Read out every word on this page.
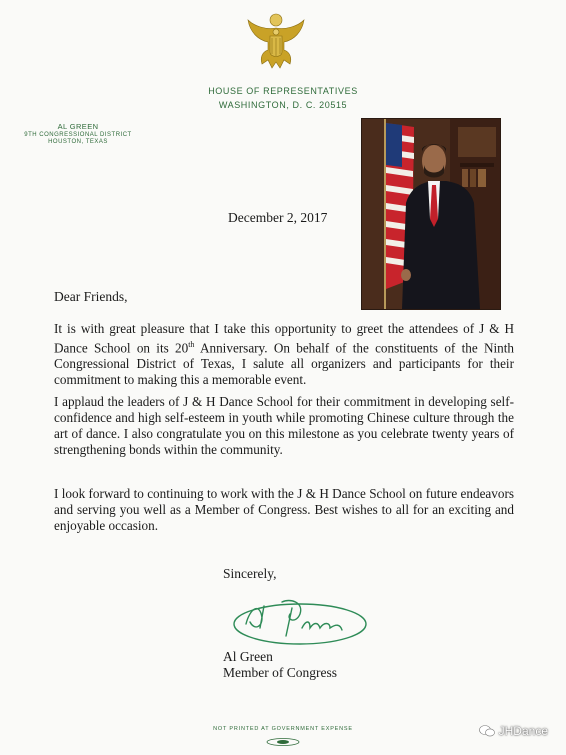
HOUSE OF REPRESENTATIVES
WASHINGTON, D. C. 20515
AL GREEN
9TH CONGRESSIONAL DISTRICT
HOUSTON, TEXAS
December 2, 2017
Dear Friends,
It is with great pleasure that I take this opportunity to greet the attendees of J & H Dance School on its 20th Anniversary. On behalf of the constituents of the Ninth Congressional District of Texas, I salute all organizers and participants for their commitment to making this a memorable event.
I applaud the leaders of J & H Dance School for their commitment in developing self-confidence and high self-esteem in youth while promoting Chinese culture through the art of dance. I also congratulate you on this milestone as you celebrate twenty years of strengthening bonds within the community.
I look forward to continuing to work with the J & H Dance School on future endeavors and serving you well as a Member of Congress. Best wishes to all for an exciting and enjoyable occasion.
Sincerely,
Al Green
Member of Congress
NOT PRINTED AT GOVERNMENT EXPENSE	JHDance
